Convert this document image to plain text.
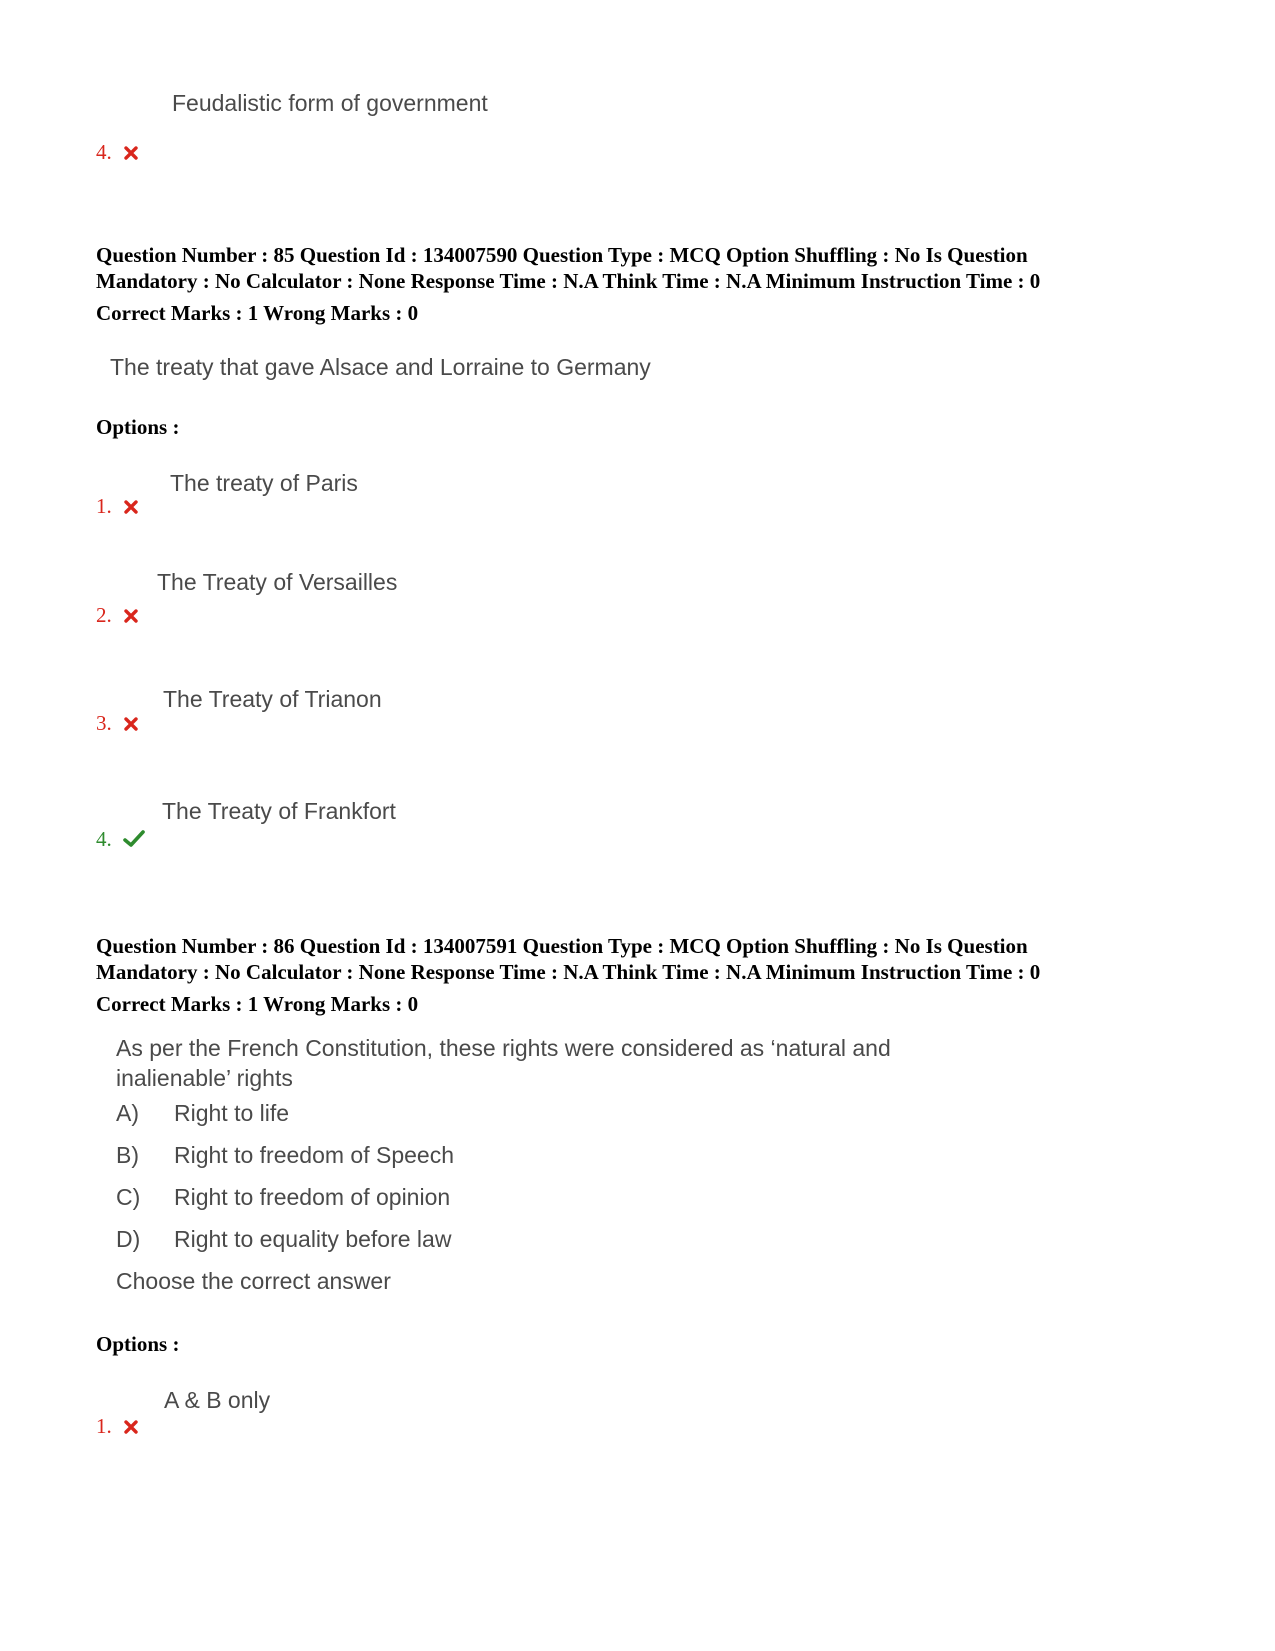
Feudalistic form of government
4.
Question Number : 85 Question Id : 134007590 Question Type : MCQ Option Shuffling : No Is Question
Mandatory : No Calculator : None Response Time : N.A Think Time : N.A Minimum Instruction Time : 0
Correct Marks : 1 Wrong Marks : 0
The treaty that gave Alsace and Lorraine to Germany
Options :
The treaty of Paris
1.
The Treaty of Versailles
2.
The Treaty of Trianon
3.
The Treaty of Frankfort
4.
Question Number : 86 Question Id : 134007591 Question Type : MCQ Option Shuffling : No Is Question
Mandatory : No Calculator : None Response Time : N.A Think Time : N.A Minimum Instruction Time : 0
Correct Marks : 1 Wrong Marks : 0
As per the French Constitution, these rights were considered as ‘natural and
inalienable’ rights
A) Right to life
B) Right to freedom of Speech
C) Right to freedom of opinion
D) Right to equality before law
Choose the correct answer
Options :
A & B only
1.
